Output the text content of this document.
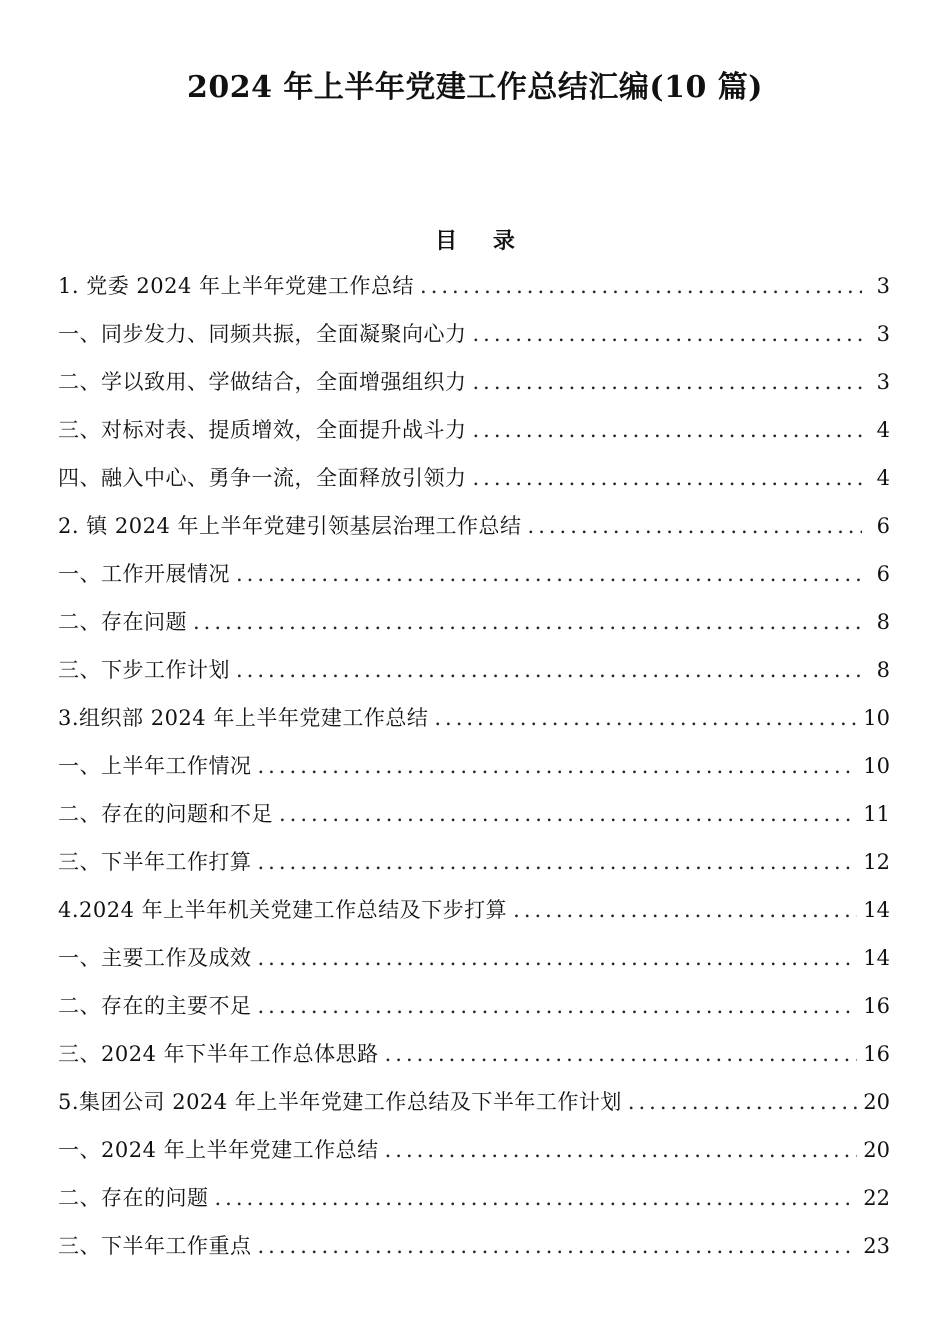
2024 年上半年党建工作总结汇编(10 篇)
目 录
1. 党委 2024 年上半年党建工作总结 .....	3
一、同步发力、同频共振，全面凝聚向心力 .....	3
二、学以致用、学做结合，全面增强组织力 .....	3
三、对标对表、提质增效，全面提升战斗力 .....	4
四、融入中心、勇争一流，全面释放引领力 .....	4
2. 镇 2024 年上半年党建引领基层治理工作总结 .....	6
一、工作开展情况 .....	6
二、存在问题 .....	8
三、下步工作计划 .....	8
3.组织部 2024 年上半年党建工作总结 .....	10
一、上半年工作情况 .....	10
二、存在的问题和不足 .....	11
三、下半年工作打算 .....	12
4.2024 年上半年机关党建工作总结及下步打算 .....	14
一、主要工作及成效 .....	14
二、存在的主要不足 .....	16
三、2024 年下半年工作总体思路 .....	16
5.集团公司 2024 年上半年党建工作总结及下半年工作计划 .....	20
一、2024 年上半年党建工作总结 .....	20
二、存在的问题 .....	22
三、下半年工作重点 .....	23
